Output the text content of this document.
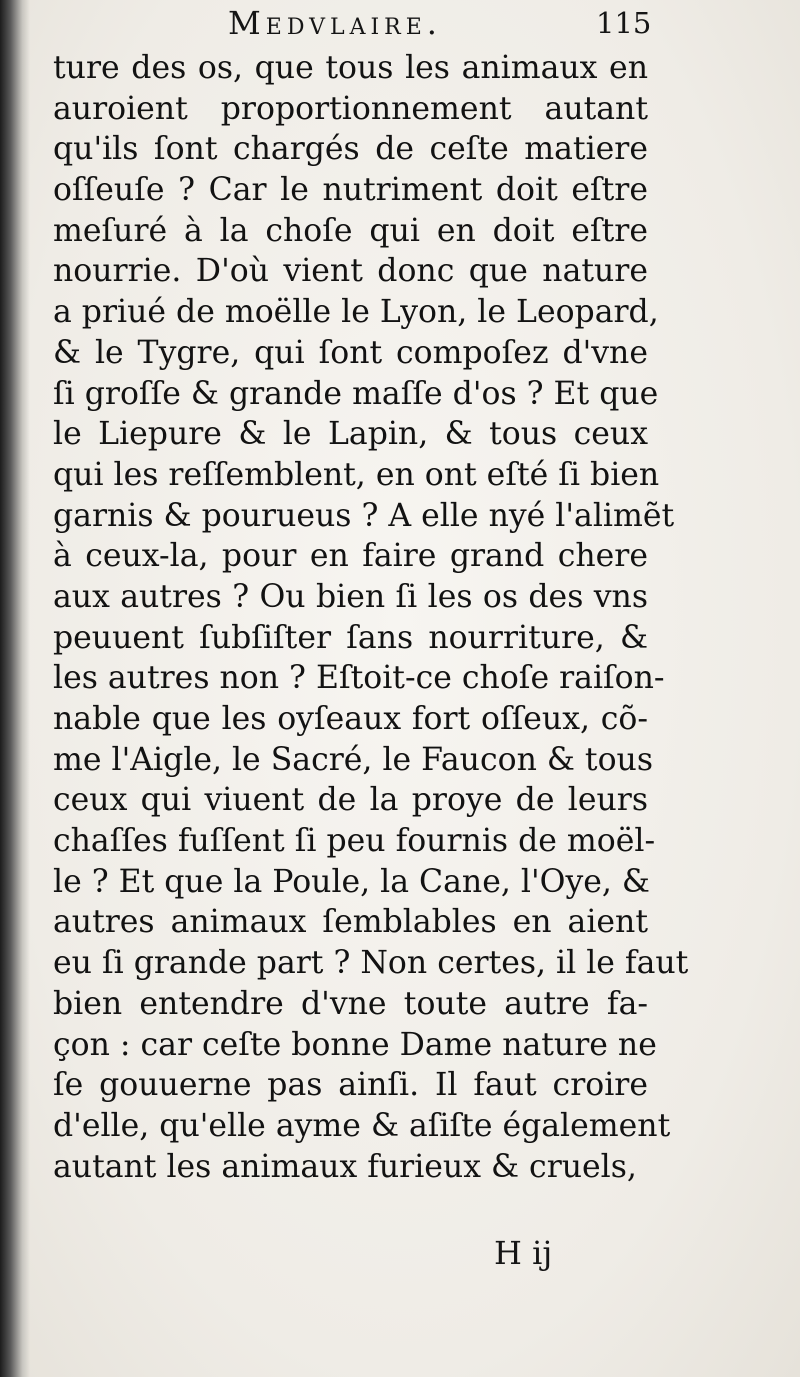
Medvlaire.	115
ture des os, que tous les animaux en
auroient proportionnement autant
qu'ils ſont chargés de ceſte matiere
oſſeuſe ? Car le nutriment doit eſtre
meſuré à la choſe qui en doit eſtre
nourrie. D'où vient donc que nature
a priué de moëlle le Lyon, le Leopard,
& le Tygre, qui ſont compoſez d'vne
ſi groſſe & grande maſſe d'os ? Et que
le Liepure & le Lapin, & tous ceux
qui les reſſemblent, en ont eſté ſi bien
garnis & pourueus ? A elle nyé l'alimẽt
à ceux-la, pour en faire grand chere
aux autres ? Ou bien ſi les os des vns
peuuent ſubſiſter ſans nourriture, &
les autres non ? Eſtoit-ce choſe raiſon-
nable que les oyſeaux fort oſſeux, cõ-
me l'Aigle, le Sacré, le Faucon & tous
ceux qui viuent de la proye de leurs
chaſſes fuſſent ſi peu fournis de moël-
le ? Et que la Poule, la Cane, l'Oye, &
autres animaux ſemblables en aient
eu ſi grande part ? Non certes, il le faut
bien entendre d'vne toute autre fa-
çon : car ceſte bonne Dame nature ne
ſe gouuerne pas ainſi. Il faut croire
d'elle, qu'elle ayme & aſiſte également
autant les animaux furieux & cruels,
H ij
